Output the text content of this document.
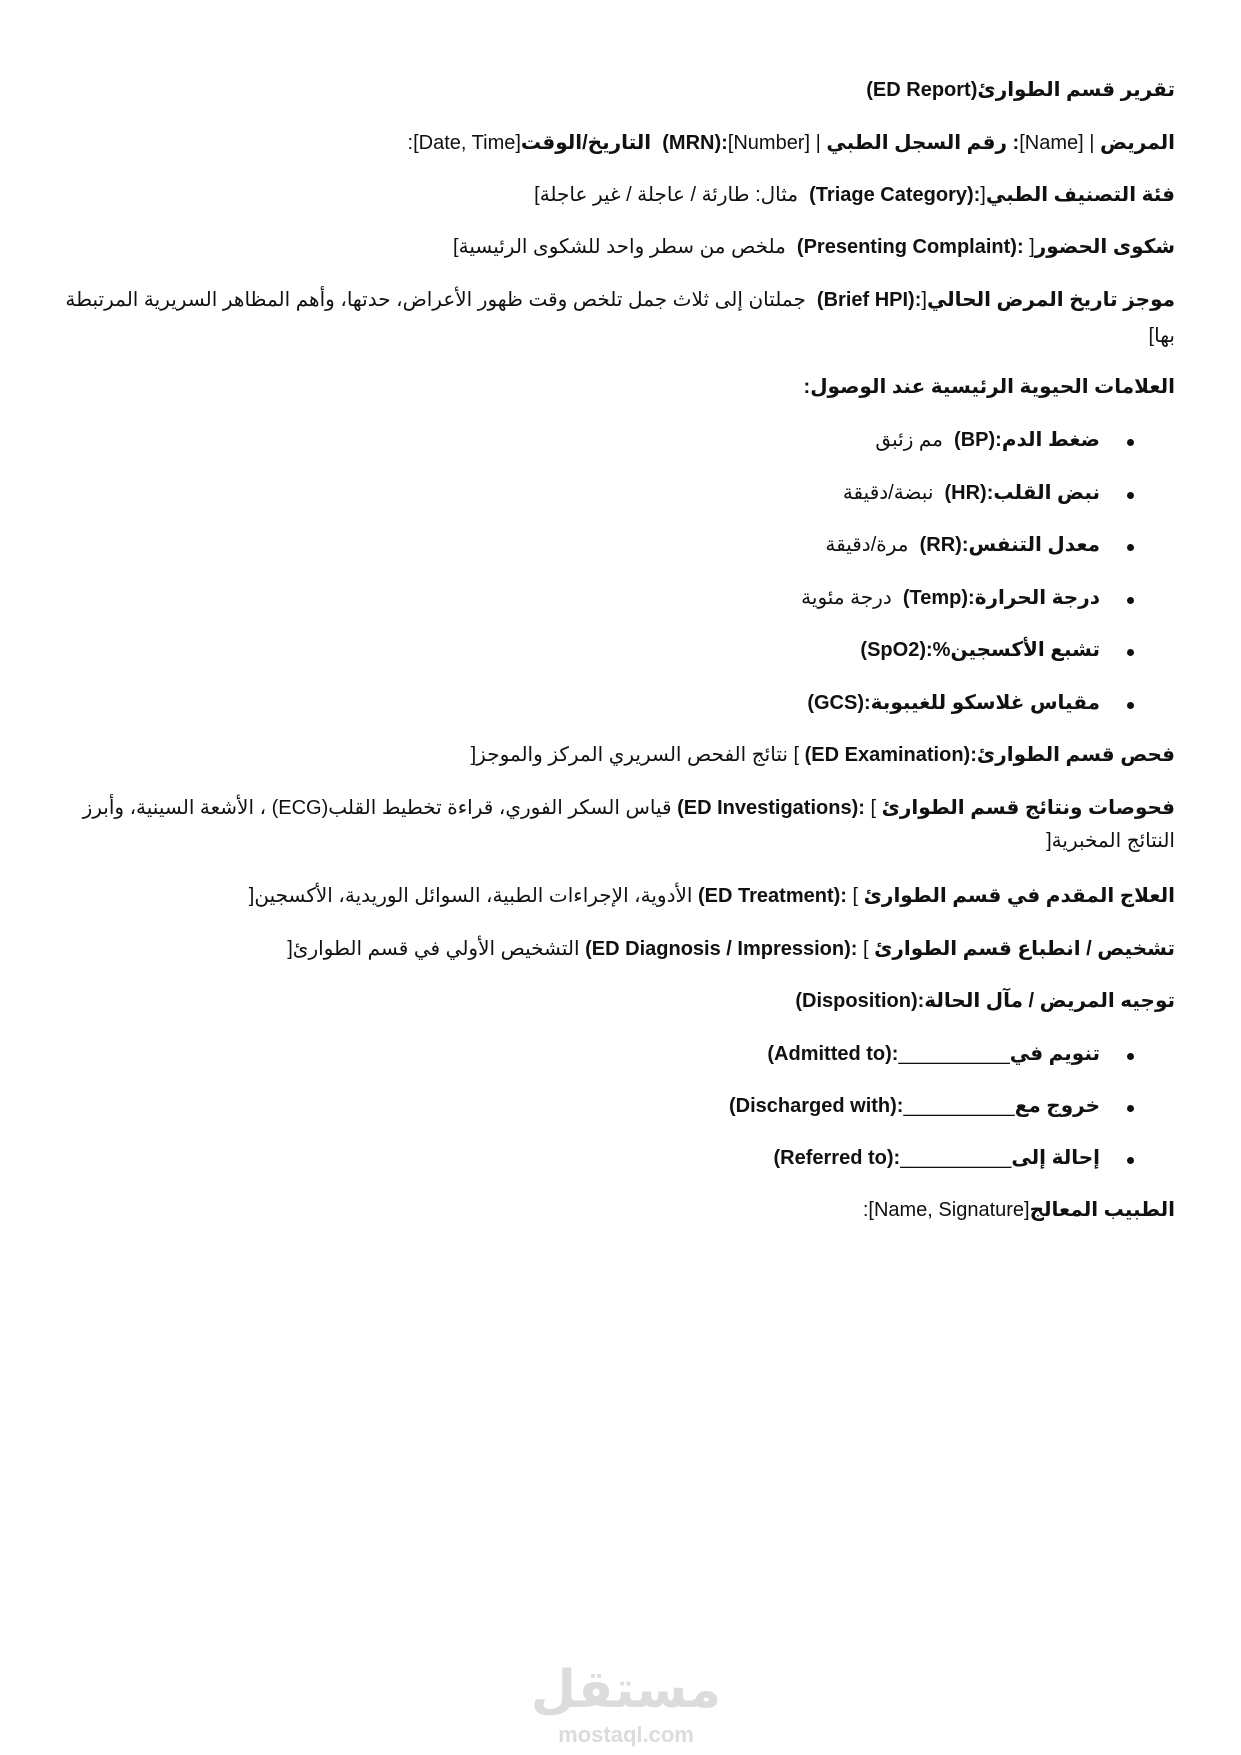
تقرير قسم الطوارئ(ED Report)
المريض | [Name] :رقم السجل الطبي | [Number] (MRN): التاريخ/الوقت[Date, Time] :
فئة التصنيف الطبي] (Triage Category): مثال: طارئة / عاجلة / غير عاجلة[
شكوى الحضور ] (Presenting Complaint): ملخص من سطر واحد للشكوى الرئيسية[
موجز تاريخ المرض الحالي] (Brief HPI): جملتان إلى ثلاث جمل تلخص وقت ظهور الأعراض، حدتها، وأهم المظاهر السريرية المرتبطة
بها[
العلامات الحيوية الرئيسية عند الوصول:
ضغط الدم (BP): مم زئبق
نبض القلب (HR): نبضة/دقيقة
معدل التنفس (RR): مرة/دقيقة
درجة الحرارة (Temp): درجة مئوية
تشبع الأكسجين% (SpO2):
مقياس غلاسكو للغيبوبة:(GCS)
فحص قسم الطوارئ (ED Examination): [نتائج الفحص السريري المركز والموجز ]
فحوصات ونتائج قسم الطوارئ [ (ED Investigations): قياس السكر الفوري، قراءة تخطيط القلب(ECG) ، الأشعة السينية، وأبرز
النتائج المخبرية]
العلاج المقدم في قسم الطوارئ [ (ED Treatment): الأدوية، الإجراءات الطبية، السوائل الوريدية، الأكسجين]
تشخيص / انطباع قسم الطوارئ [ (ED Diagnosis / Impression): التشخيص الأولي في قسم الطوارئ]
توجيه المريض / مآل الحالة:(Disposition)
تنويم في__________(Admitted to):
خروج مع__________(Discharged with):
إحالة إلى__________(Referred to):
الطبيب المعالج[Name, Signature] :
مستقل
mostaql.com
